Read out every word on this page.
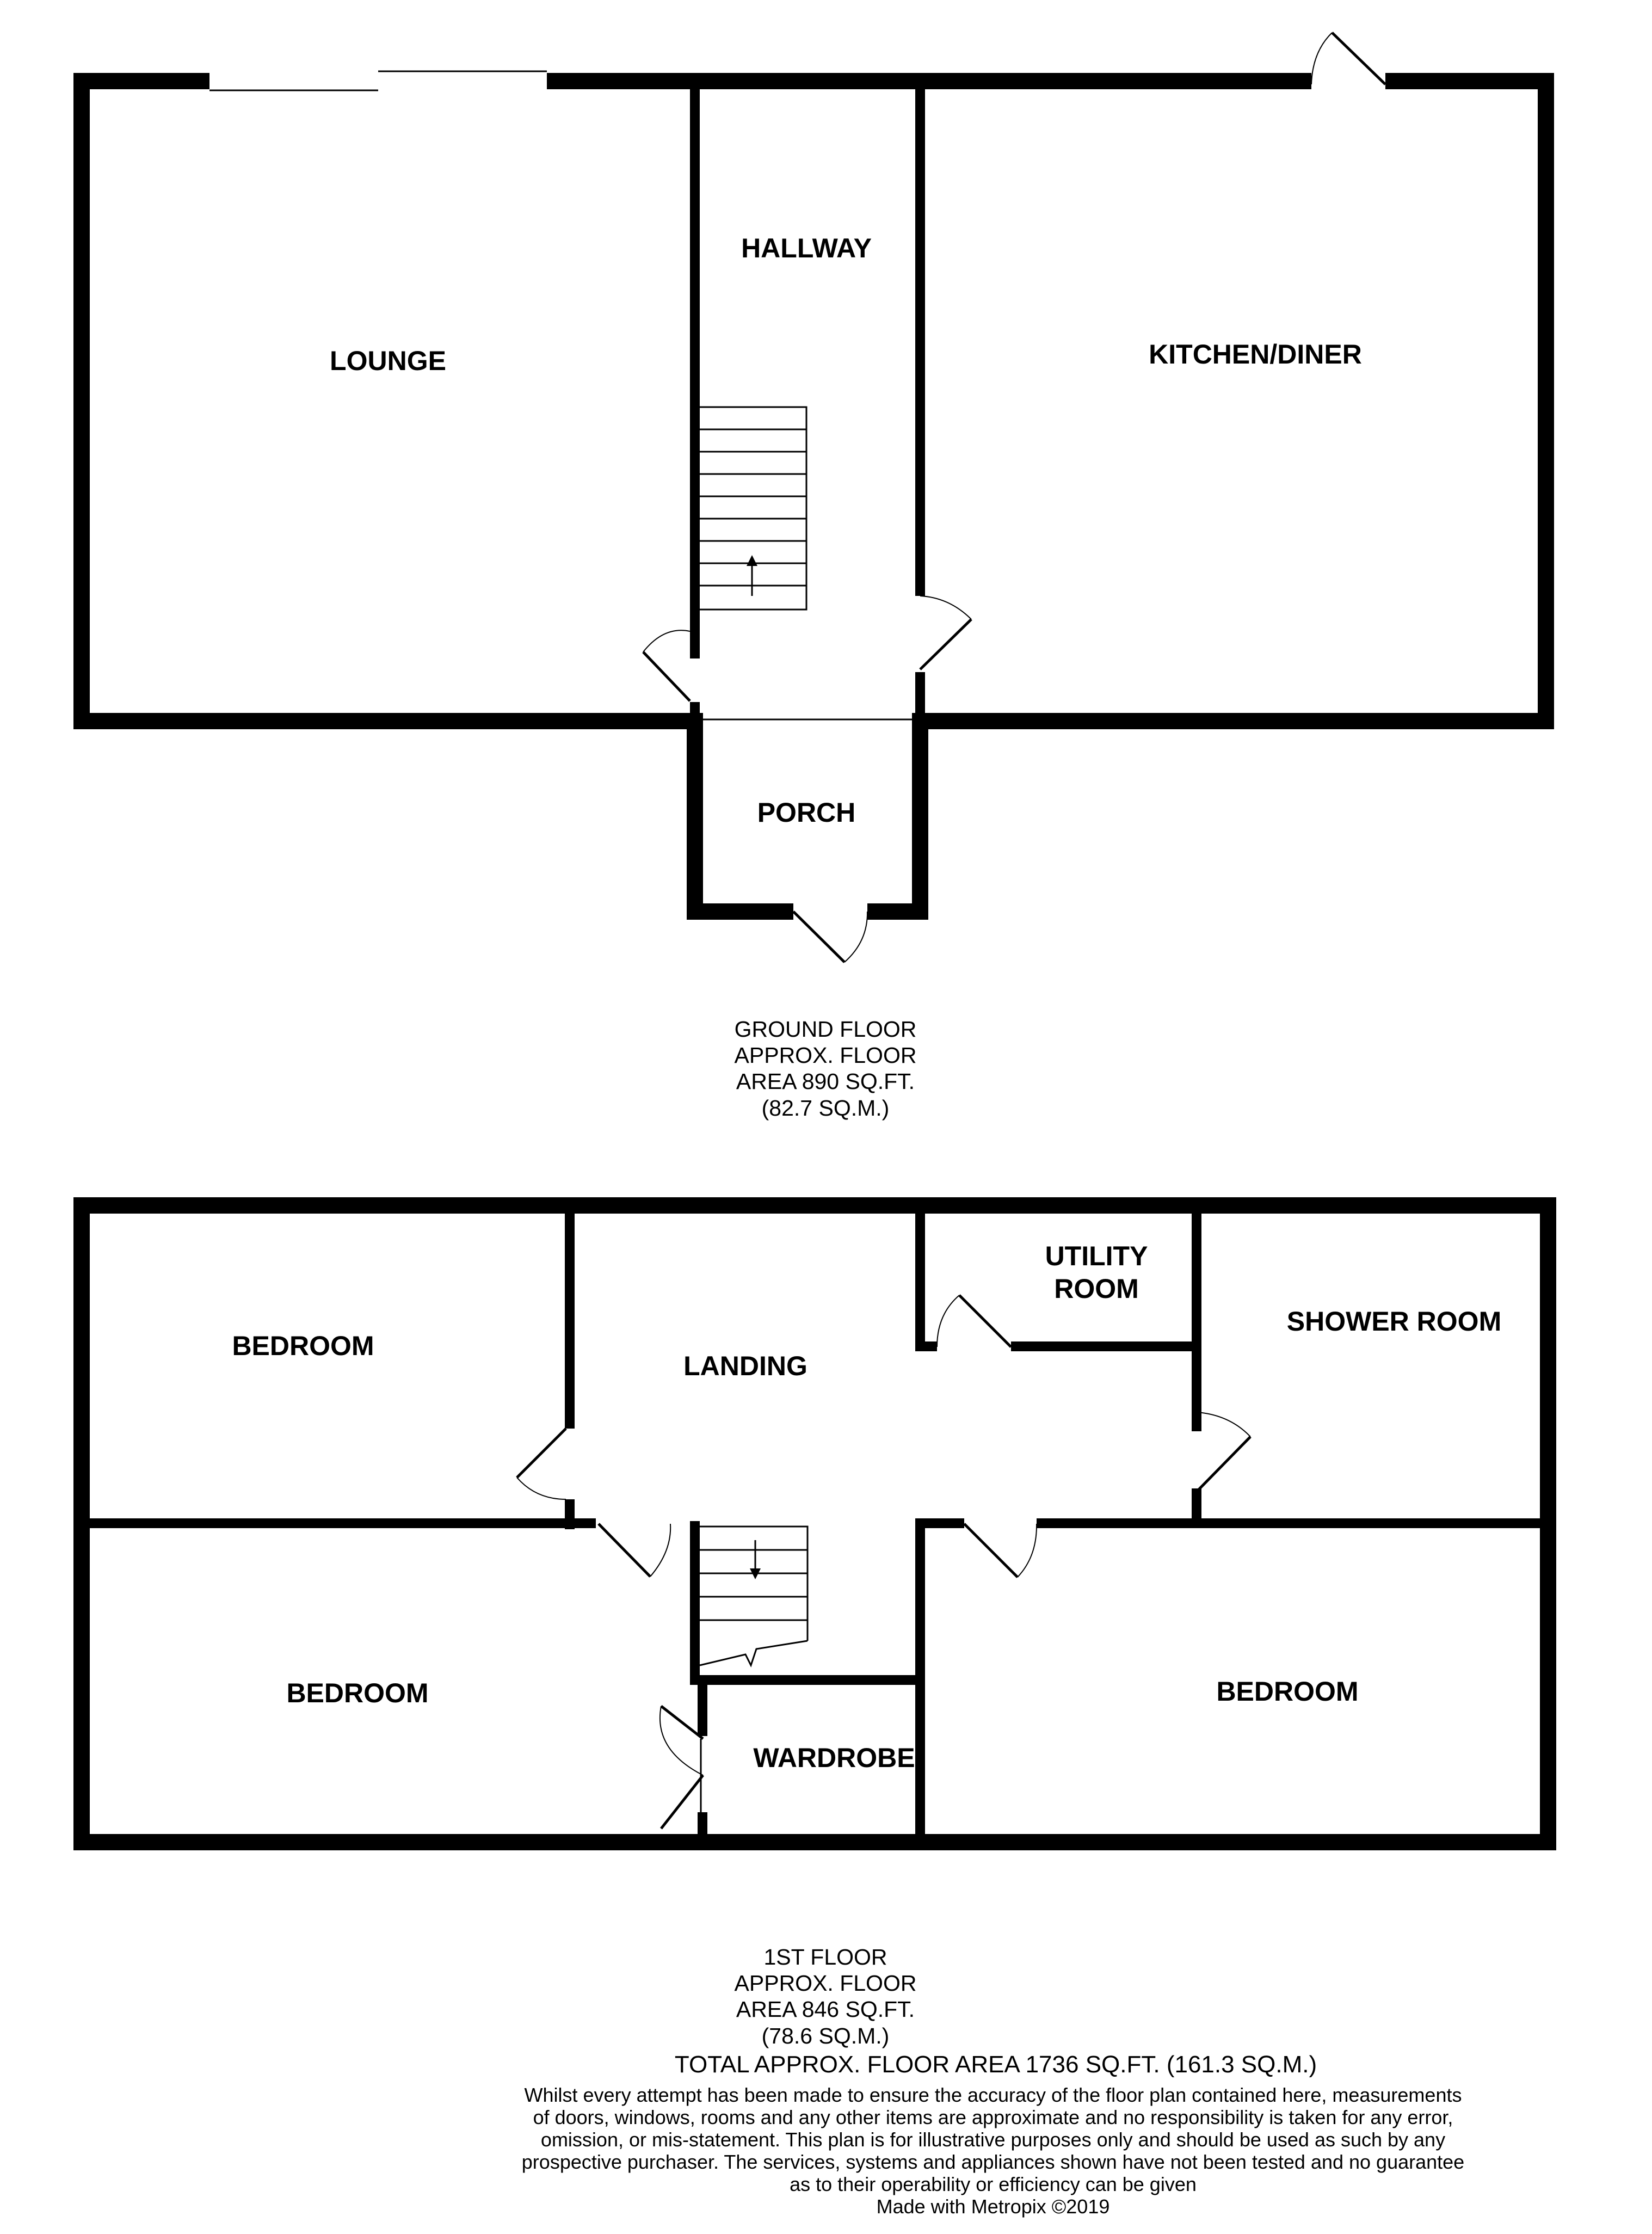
LOUNGE
HALLWAY
KITCHEN/DINER
PORCH
GROUND FLOOR
APPROX. FLOOR
AREA 890 SQ.FT.
(82.7 SQ.M.)
BEDROOM
LANDING
UTILITY
ROOM
SHOWER ROOM
BEDROOM
WARDROBE
BEDROOM
1ST FLOOR
APPROX. FLOOR
AREA 846 SQ.FT.
(78.6 SQ.M.)
TOTAL APPROX. FLOOR AREA 1736 SQ.FT. (161.3 SQ.M.)
Whilst every attempt has been made to ensure the accuracy of the floor plan contained here, measurements
of doors, windows, rooms and any other items are approximate and no responsibility is taken for any error,
omission, or mis-statement. This plan is for illustrative purposes only and should be used as such by any
prospective purchaser. The services, systems and appliances shown have not been tested and no guarantee
as to their operability or efficiency can be given
Made with Metropix ©2019
